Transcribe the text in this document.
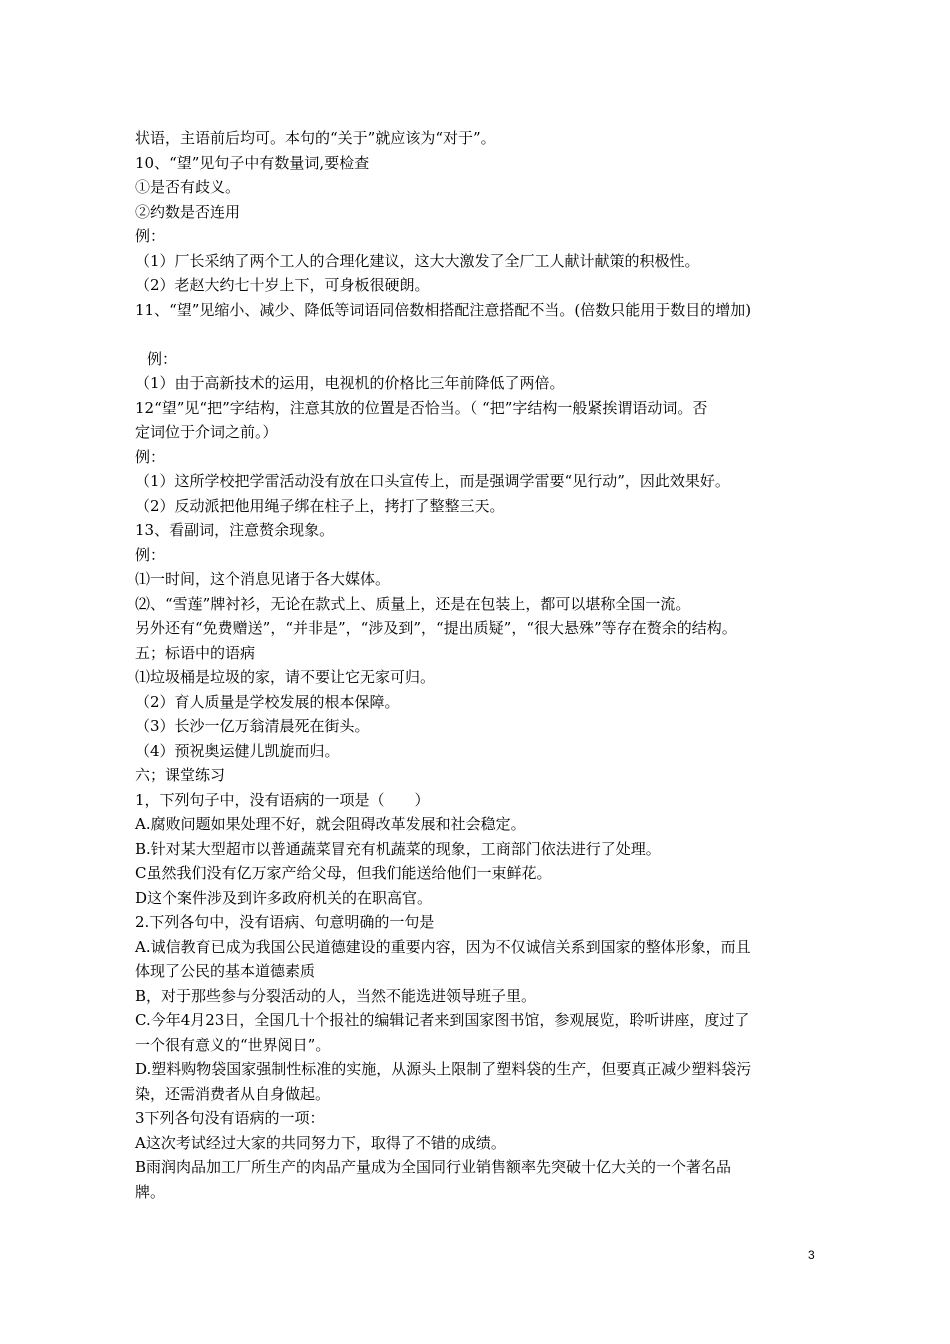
状语，主语前后均可。本句的“关于”就应该为“对于”。
10、“望”见句子中有数量词,要检查
①是否有歧义。
②约数是否连用
例：
（1）厂长采纳了两个工人的合理化建议，这大大激发了全厂工人献计献策的积极性。
（2）老赵大约七十岁上下，可身板很硬朗。
11、“望”见缩小、减少、降低等词语同倍数相搭配注意搭配不当。(倍数只能用于数目的增加)
例：
（1）由于高新技术的运用，电视机的价格比三年前降低了两倍。
12“望”见“把”字结构，注意其放的位置是否恰当。（ “把”字结构一般紧挨谓语动词。否
定词位于介词之前。）
例：
（1）这所学校把学雷活动没有放在口头宣传上，而是强调学雷要“见行动”，因此效果好。
（2）反动派把他用绳子绑在柱子上，拷打了整整三天。
13、看副词，注意赘余现象。
例：
⑴一时间，这个消息见诸于各大媒体。
⑵、“雪莲”牌衬衫，无论在款式上、质量上，还是在包装上，都可以堪称全国一流。
另外还有“免费赠送”，“并非是”，“涉及到”，“提出质疑”，“很大悬殊”等存在赘余的结构。
五；标语中的语病
⑴垃圾桶是垃圾的家，请不要让它无家可归。
（2）育人质量是学校发展的根本保障。
（3）长沙一亿万翁清晨死在街头。
（4）预祝奥运健儿凯旋而归。
六；课堂练习
1，下列句子中，没有语病的一项是（　　）
A.腐败问题如果处理不好，就会阻碍改革发展和社会稳定。
B.针对某大型超市以普通蔬菜冒充有机蔬菜的现象，工商部门依法进行了处理。
C虽然我们没有亿万家产给父母，但我们能送给他们一束鲜花。
D这个案件涉及到许多政府机关的在职高官。
2.下列各句中，没有语病、句意明确的一句是
A.诚信教育已成为我国公民道德建设的重要内容，因为不仅诚信关系到国家的整体形象，而且
体现了公民的基本道德素质
B，对于那些参与分裂活动的人，当然不能选进领导班子里。
C.今年4月23日，全国几十个报社的编辑记者来到国家图书馆，参观展览，聆听讲座，度过了
一个很有意义的“世界阅日”。
D.塑料购物袋国家强制性标准的实施，从源头上限制了塑料袋的生产，但要真正减少塑料袋污
染，还需消费者从自身做起。
3下列各句没有语病的一项：
A这次考试经过大家的共同努力下，取得了不错的成绩。
B雨润肉品加工厂所生产的肉品产量成为全国同行业销售额率先突破十亿大关的一个著名品
牌。
3
